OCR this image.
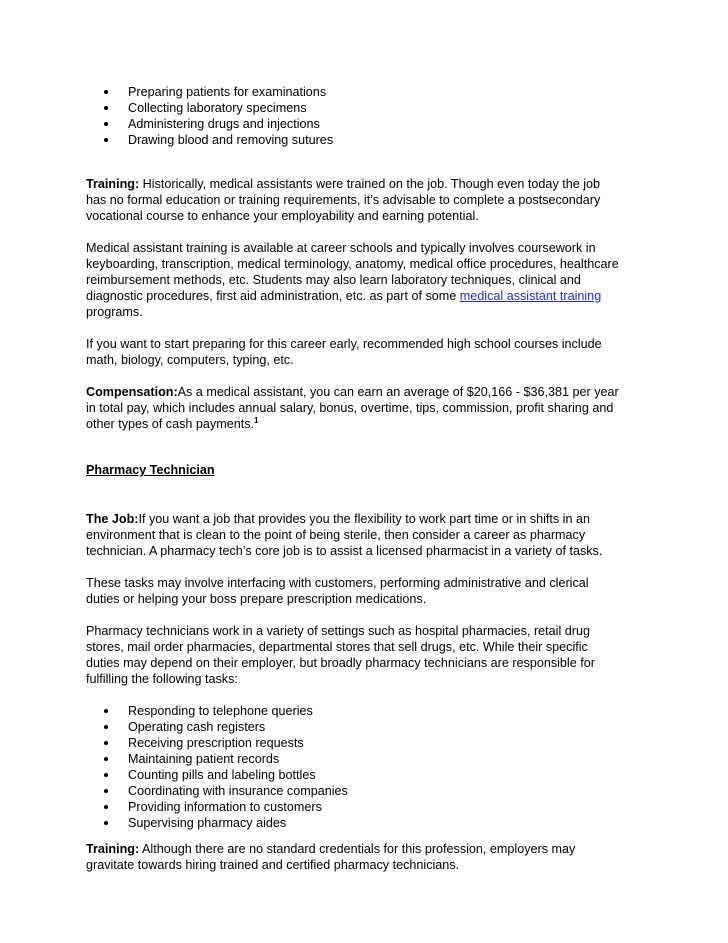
Preparing patients for examinations
Collecting laboratory specimens
Administering drugs and injections
Drawing blood and removing sutures

Training: Historically, medical assistants were trained on the job. Though even today the job
has no formal education or training requirements, it’s advisable to complete a postsecondary
vocational course to enhance your employability and earning potential.

Medical assistant training is available at career schools and typically involves coursework in
keyboarding, transcription, medical terminology, anatomy, medical office procedures, healthcare
reimbursement methods, etc. Students may also learn laboratory techniques, clinical and
diagnostic procedures, first aid administration, etc. as part of some medical assistant training
programs.

If you want to start preparing for this career early, recommended high school courses include
math, biology, computers, typing, etc.

Compensation:As a medical assistant, you can earn an average of $20,166 - $36,381 per year
in total pay, which includes annual salary, bonus, overtime, tips, commission, profit sharing and
other types of cash payments.$^1$

Pharmacy Technician

The Job:If you want a job that provides you the flexibility to work part time or in shifts in an
environment that is clean to the point of being sterile, then consider a career as pharmacy
technician. A pharmacy tech’s core job is to assist a licensed pharmacist in a variety of tasks.

These tasks may involve interfacing with customers, performing administrative and clerical
duties or helping your boss prepare prescription medications.

Pharmacy technicians work in a variety of settings such as hospital pharmacies, retail drug
stores, mail order pharmacies, departmental stores that sell drugs, etc. While their specific
duties may depend on their employer, but broadly pharmacy technicians are responsible for
fulfilling the following tasks:

Responding to telephone queries
Operating cash registers
Receiving prescription requests
Maintaining patient records
Counting pills and labeling bottles
Coordinating with insurance companies
Providing information to customers
Supervising pharmacy aides

Training: Although there are no standard credentials for this profession, employers may
gravitate towards hiring trained and certified pharmacy technicians.
